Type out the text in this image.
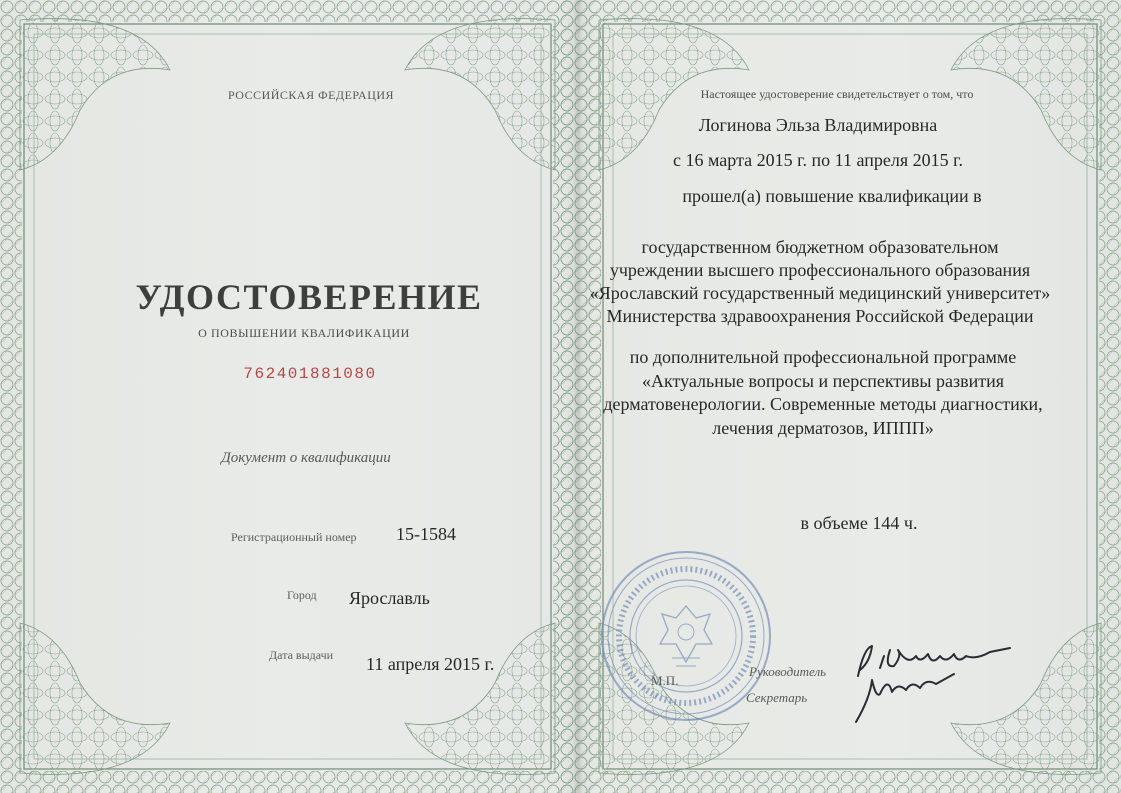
РОССИЙСКАЯ ФЕДЕРАЦИЯ
УДОСТОВЕРЕНИЕ
О ПОВЫШЕНИИ КВАЛИФИКАЦИИ
762401881080
Документ о квалификации
Регистрационный номер 15-1584
Город Ярославль
Дата выдачи 11 апреля 2015 г.
Настоящее удостоверение свидетельствует о том, что
Логинова Эльза Владимировна
с 16 марта 2015 г. по 11 апреля 2015 г.
прошел(а) повышение квалификации в
государственном бюджетном образовательном
учреждении высшего профессионального образования
«Ярославский государственный медицинский университет»
Министерства здравоохранения Российской Федерации
по дополнительной профессиональной программе
«Актуальные вопросы и перспективы развития
дерматовенерологии. Современные методы диагностики,
лечения дерматозов, ИППП»
в объеме 144 ч.
М.П.
Руководитель
Секретарь
